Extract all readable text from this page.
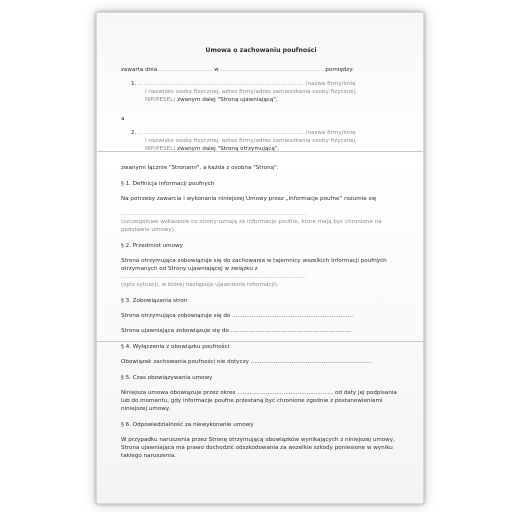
Umowa o zachowaniu poufności
zawarta dnia .............................. w .......................................................... pomiędzy:
1. ............................................................................................. (nazwa firmy/imię
i nazwisko osoby fizycznej, adres firmy/adres zamieszkania osoby fizycznej,
NIP/PESEL) zwanym dalej "Stroną ujawniającą",
a
2. ............................................................................................. (nazwa firmy/imię
i nazwisko osoby fizycznej, adres firmy/adres zamieszkania osoby fizycznej,
NIP/PESEL) zwanym dalej "Stroną otrzymującą",
zwanymi łącznie "Stronami", a każda z osobna "Stroną".
§ 1. Definicja informacji poufnych
Na potrzeby zawarcia i wykonania niniejszej Umowy przez „Informacje poufne” rozumie się
........................................................................................................
(szczegółowe wskazanie co strony uznają za informacje poufne, które mają być chronione na podstawie umowy).
§ 2. Przedmiot umowy
Strona otrzymująca zobowiązuje się do zachowania w tajemnicy wszelkich Informacji poufnych otrzymanych od Strony ujawniającej w związku z
........................................................................................................
(opis sytuacji, w której następuje ujawnienie informacji).
§ 3. Zobowiązania stron
Strona otrzymująca zobowiązuje się do ....................................................................
Strona ujawniająca zobowiązuje się do ....................................................................
§ 4. Wyłączenia z obowiązku poufności
Obowiązek zachowania poufności nie dotyczy ....................................................................
§ 5. Czas obowiązywania umowy
Niniejsza umowa obowiązuje przez okres ...................................................... od daty jej podpisania lub do momentu, gdy informacje poufne przestaną być chronione zgodnie z postanowieniami niniejszej umowy.
§ 6. Odpowiedzialność za niewykonanie umowy
W przypadku naruszenia przez Stronę otrzymującą obowiązków wynikających z niniejszej umowy, Strona ujawniająca ma prawo dochodzić odszkodowania za wszelkie szkody poniesione w wyniku takiego naruszenia.
